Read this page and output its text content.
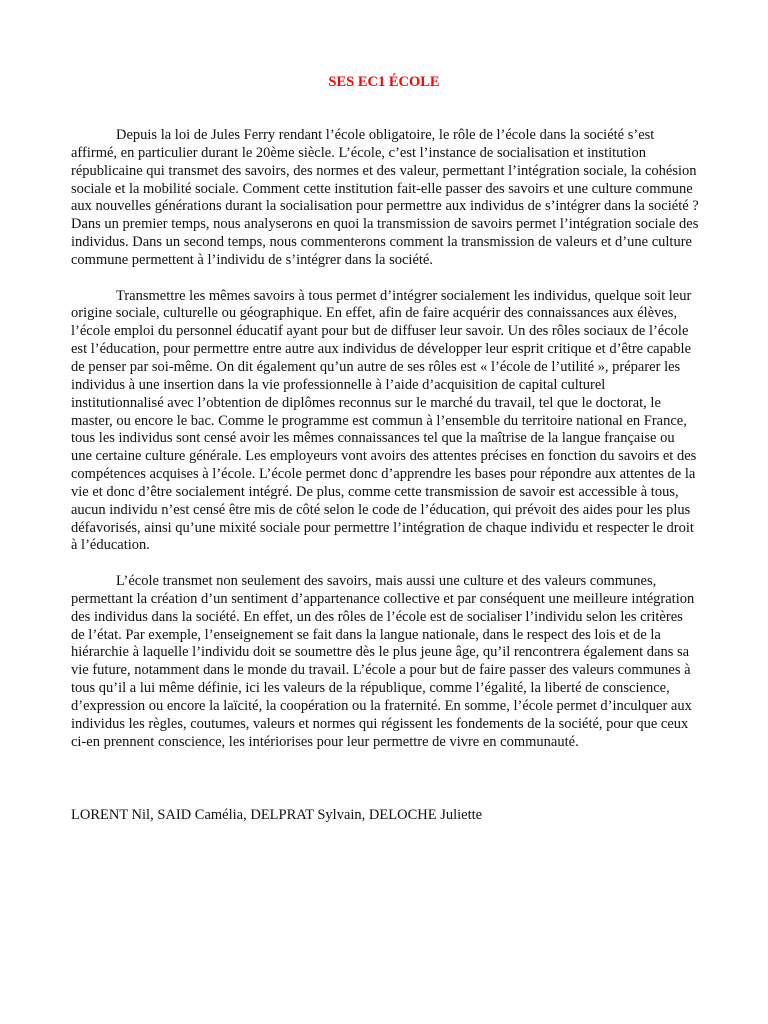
SES EC1 ÉCOLE

Depuis la loi de Jules Ferry rendant l’école obligatoire, le rôle de l’école dans la société s’est affirmé, en particulier durant le 20ème siècle. L’école, c’est l’instance de socialisation et institution républicaine qui transmet des savoirs, des normes et des valeur, permettant l’intégration sociale, la cohésion sociale et la mobilité sociale. Comment cette institution fait-elle passer des savoirs et une culture commune aux nouvelles générations durant la socialisation pour permettre aux individus de s’intégrer dans la société ? Dans un premier temps, nous analyserons en quoi la transmission de savoirs permet l’intégration sociale des individus. Dans un second temps, nous commenterons comment la transmission de valeurs et d’une culture commune permettent à l’individu de s’intégrer dans la société.

Transmettre les mêmes savoirs à tous permet d’intégrer socialement les individus, quelque soit leur origine sociale, culturelle ou géographique. En effet, afin de faire acquérir des connaissances aux élèves, l’école emploi du personnel éducatif ayant pour but de diffuser leur savoir. Un des rôles sociaux de l’école est l’éducation, pour permettre entre autre aux individus de développer leur esprit critique et d’être capable de penser par soi-même. On dit également qu’un autre de ses rôles est « l’école de l’utilité », préparer les individus à une insertion dans la vie professionnelle à l’aide d’acquisition de capital culturel institutionnalisé avec l’obtention de diplômes reconnus sur le marché du travail, tel que le doctorat, le master, ou encore le bac. Comme le programme est commun à l’ensemble du territoire national en France, tous les individus sont censé avoir les mêmes connaissances tel que la maîtrise de la langue française ou une certaine culture générale. Les employeurs vont avoirs des attentes précises en fonction du savoirs et des compétences acquises à l’école. L’école permet donc d’apprendre les bases pour répondre aux attentes de la vie et donc d’être socialement intégré. De plus, comme cette transmission de savoir est accessible à tous, aucun individu n’est censé être mis de côté selon le code de l’éducation, qui prévoit des aides pour les plus défavorisés, ainsi qu’une mixité sociale pour permettre l’intégration de chaque individu et respecter le droit à l’éducation.

L’école transmet non seulement des savoirs, mais aussi une culture et des valeurs communes, permettant la création d’un sentiment d’appartenance collective et par conséquent une meilleure intégration des individus dans la société. En effet, un des rôles de l’école est de socialiser l’individu selon les critères de l’état. Par exemple, l’enseignement se fait dans la langue nationale, dans le respect des lois et de la hiérarchie à laquelle l’individu doit se soumettre dès le plus jeune âge, qu’il rencontrera également dans sa vie future, notamment dans le monde du travail. L’école a pour but de faire passer des valeurs communes à tous qu’il a lui même définie, ici les valeurs de la république, comme l’égalité, la liberté de conscience, d’expression ou encore la laïcité, la coopération ou la fraternité. En somme, l’école permet d’inculquer aux individus les règles, coutumes, valeurs et normes qui régissent les fondements de la société, pour que ceux ci-en prennent conscience, les intériorises pour leur permettre de vivre en communauté.

LORENT Nil, SAID Camélia, DELPRAT Sylvain, DELOCHE Juliette
